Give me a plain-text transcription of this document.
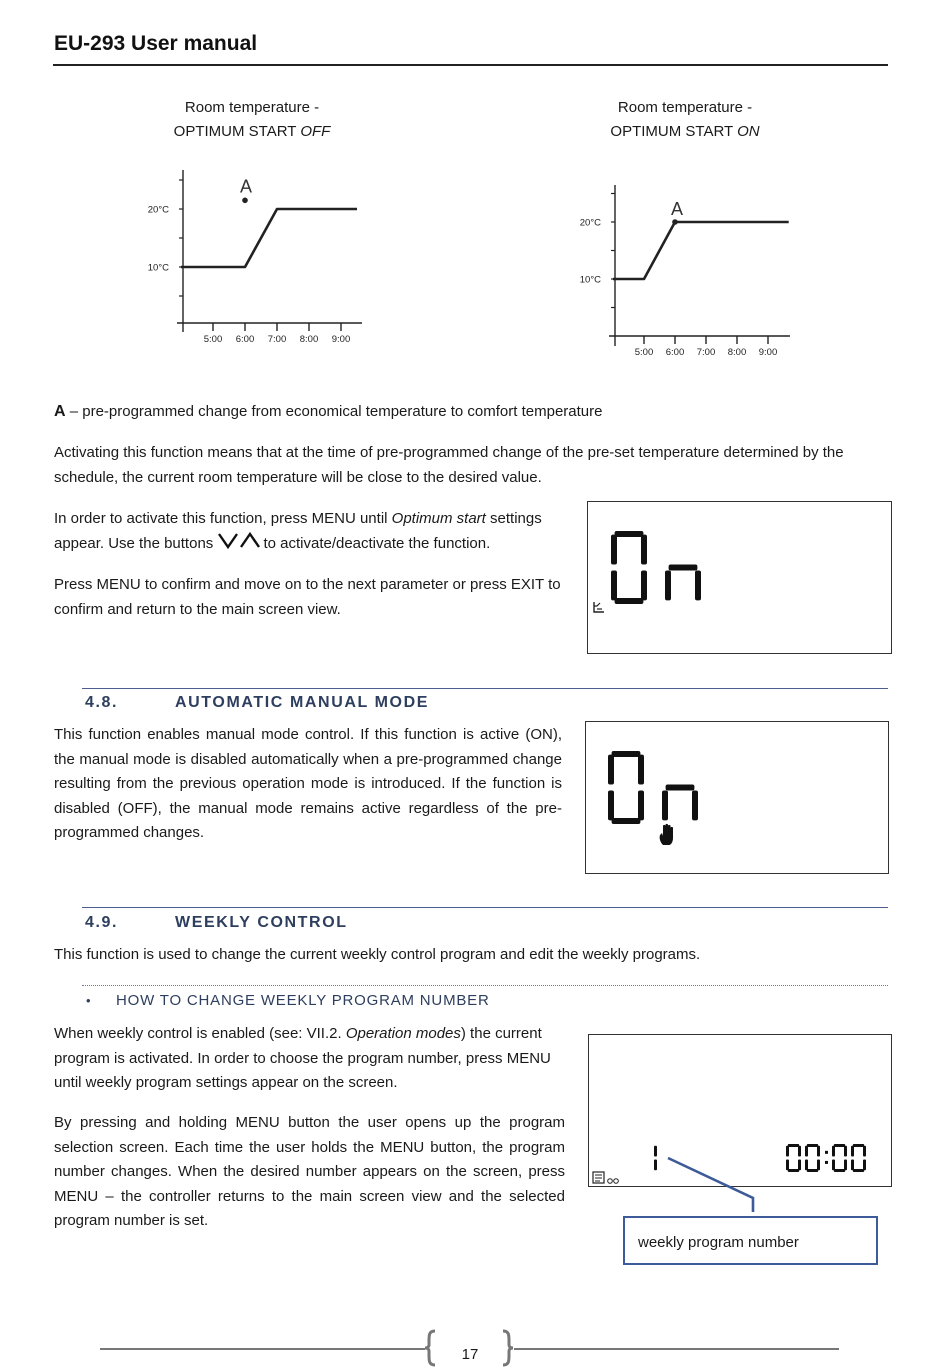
EU-293 User manual
Room temperature -
OPTIMUM START OFF
Room temperature -
OPTIMUM START ON
10°C
20°C
5:00 6:00 7:00 8:00 9:00
A
10°C
20°C
5:00 6:00 7:00 8:00 9:00
A
A – pre-programmed change from economical temperature to comfort temperature
Activating this function means that at the time of pre-programmed change of the pre-set temperature determined by the schedule, the current room temperature will be close to the desired value.
In order to activate this function, press MENU until Optimum start settings appear. Use the buttons	to activate/deactivate the function.
Press MENU to confirm and move on to the next parameter or press EXIT to confirm and return to the main screen view.
4.8.	AUTOMATIC MANUAL MODE
This function enables manual mode control. If this function is active (ON), the manual mode is disabled automatically when a pre-programmed change resulting from the previous operation mode is introduced. If the function is disabled (OFF), the manual mode remains active regardless of the pre-programmed changes.
4.9.	WEEKLY CONTROL
This function is used to change the current weekly control program and edit the weekly programs.
• HOW TO CHANGE WEEKLY PROGRAM NUMBER
When weekly control is enabled (see: VII.2. Operation modes) the current program is activated. In order to choose the program number, press MENU until weekly program settings appear on the screen.
By pressing and holding MENU button the user opens up the program selection screen. Each time the user holds the MENU button, the program number changes. When the desired number appears on the screen, press MENU – the controller returns to the main screen view and the selected program number is set.
weekly program number
17
